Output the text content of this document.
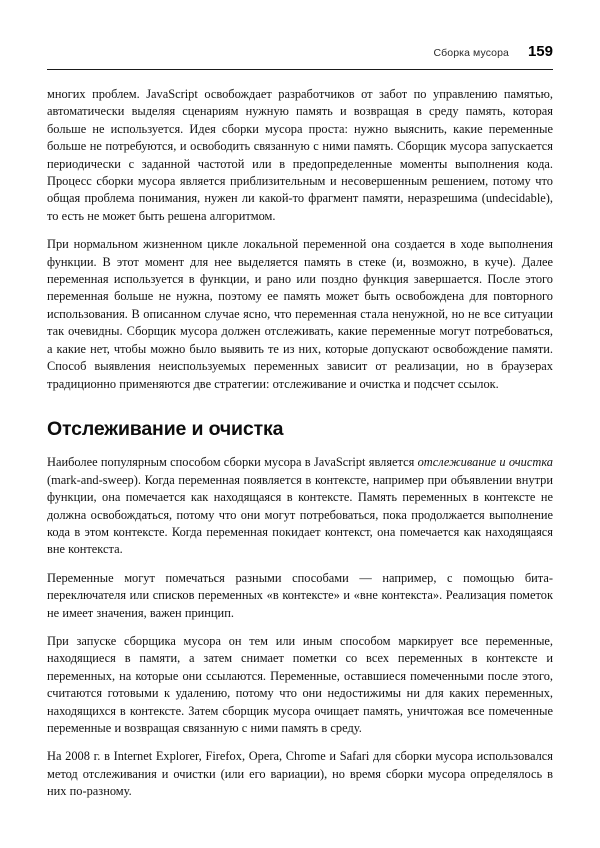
Сборка мусора 159

многих проблем. JavaScript освобождает разработчиков от забот по управлению памятью, автоматически выделяя сценариям нужную память и возвращая в среду память, которая больше не используется. Идея сборки мусора проста: нужно выяснить, какие переменные больше не потребуются, и освободить связанную с ними память. Сборщик мусора запускается периодически с заданной частотой или в предопределенные моменты выполнения кода. Процесс сборки мусора является приблизительным и несовершенным решением, потому что общая проблема понимания, нужен ли какой-то фрагмент памяти, неразрешима (undecidable), то есть не может быть решена алгоритмом.

При нормальном жизненном цикле локальной переменной она создается в ходе выполнения функции. В этот момент для нее выделяется память в стеке (и, возможно, в куче). Далее переменная используется в функции, и рано или поздно функция завершается. После этого переменная больше не нужна, поэтому ее память может быть освобождена для повторного использования. В описанном случае ясно, что переменная стала ненужной, но не все ситуации так очевидны. Сборщик мусора должен отслеживать, какие переменные могут потребоваться, а какие нет, чтобы можно было выявить те из них, которые допускают освобождение памяти. Способ выявления неиспользуемых переменных зависит от реализации, но в браузерах традиционно применяются две стратегии: отслеживание и очистка и подсчет ссылок.

Отслеживание и очистка

Наиболее популярным способом сборки мусора в JavaScript является отслеживание и очистка (mark-and-sweep). Когда переменная появляется в контексте, например при объявлении внутри функции, она помечается как находящаяся в контексте. Память переменных в контексте не должна освобождаться, потому что они могут потребоваться, пока продолжается выполнение кода в этом контексте. Когда переменная покидает контекст, она помечается как находящаяся вне контекста.

Переменные могут помечаться разными способами — например, с помощью бита-переключателя или списков переменных «в контексте» и «вне контекста». Реализация пометок не имеет значения, важен принцип.

При запуске сборщика мусора он тем или иным способом маркирует все переменные, находящиеся в памяти, а затем снимает пометки со всех переменных в контексте и переменных, на которые они ссылаются. Переменные, оставшиеся помеченными после этого, считаются готовыми к удалению, потому что они недостижимы ни для каких переменных, находящихся в контексте. Затем сборщик мусора очищает память, уничтожая все помеченные переменные и возвращая связанную с ними память в среду.

На 2008 г. в Internet Explorer, Firefox, Opera, Chrome и Safari для сборки мусора использовался метод отслеживания и очистки (или его вариации), но время сборки мусора определялось в них по-разному.
